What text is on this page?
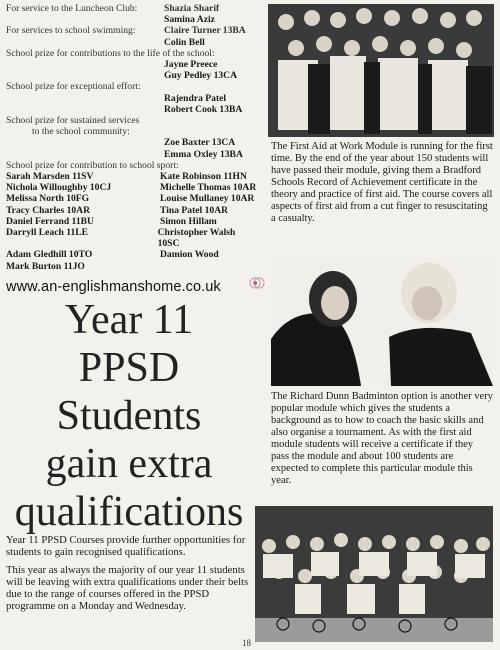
For service to the Luncheon Club:	Shazia Sharif
Samina Aziz
For services to school swimming:	Claire Turner 13BA
Colin Bell
School prize for contributions to the life of the school:
Jayne Preece
Guy Pedley 13CA
School prize for exceptional effort:
Rajendra Patel
Robert Cook 13BA
School prize for sustained services
to the school community:
Zoe Baxter 13CA
Emma Oxley 13BA
School prize for contribution to school sport:
Sarah Marsden 11SV	Kate Robinson 11HN
Nichola Willoughby 10CJ	Michelle Thomas 10AR
Melissa North 10FG	Louise Mullaney 10AR
Tracy Charles 10AR	Tina Patel 10AR
Daniel Ferrand 11BU	Simon Hillam
Darryll Leach 11LE	Christopher Walsh 10SC
Adam Gledhill 10TO	Damion Wood
Mark Burton 11JO
www.an-englishmanshome.co.uk
Year 11
PPSD
Students
gain extra
qualifications

Year 11 PPSD Courses provide further opportunities for students to gain recognised qualifications.

This year as always the majority of our year 11 students will be leaving with extra qualifications under their belts due to the range of courses offered in the PPSD programme on a Monday and Wednesday.

The First Aid at Work Module is running for the first time. By the end of the year about 150 students will have passed their module, giving them a Bradford Schools Record of Achievement certificate in the theory and practice of first aid. The course covers all aspects of first aid from a cut finger to resuscitating a casualty.

The Richard Dunn Badminton option is another very popular module which gives the students a background as to how to coach the basic skills and also organise a tournament. As with the first aid module students will receive a certificate if they pass the module and about 100 students are expected to complete this particular module this year.

18
